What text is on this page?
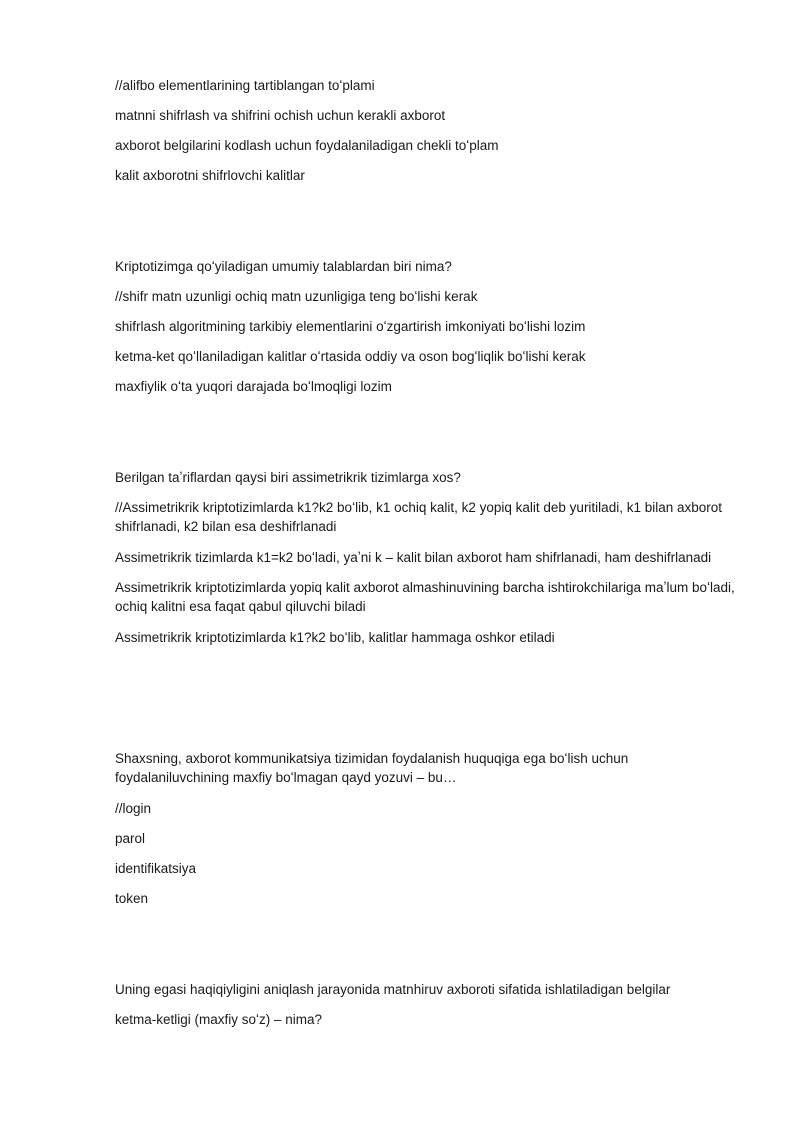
//alifbo elementlarining tartiblangan toʻplami
matnni shifrlash va shifrini ochish uchun kerakli axborot
axborot belgilarini kodlash uchun foydalaniladigan chekli toʻplam
kalit axborotni shifrlovchi kalitlar
Kriptotizimga qoʻyiladigan umumiy talablardan biri nima?
//shifr matn uzunligi ochiq matn uzunligiga teng boʻlishi kerak
shifrlash algoritmining tarkibiy elementlarini oʻzgartirish imkoniyati boʻlishi lozim
ketma-ket qoʻllaniladigan kalitlar oʻrtasida oddiy va oson bogʻliqlik boʻlishi kerak
maxfiylik oʻta yuqori darajada boʻlmoqligi lozim
Berilgan taʼriflardan qaysi biri assimetrikrik tizimlarga xos?
//Assimetrikrik kriptotizimlarda k1?k2 boʻlib, k1 ochiq kalit, k2 yopiq kalit deb yuritiladi, k1 bilan axborot shifrlanadi, k2 bilan esa deshifrlanadi
Assimetrikrik tizimlarda k1=k2 boʻladi, yaʼni k – kalit bilan axborot ham shifrlanadi, ham deshifrlanadi
Assimetrikrik kriptotizimlarda yopiq kalit axborot almashinuvining barcha ishtirokchilariga maʼlum boʻladi, ochiq kalitni esa faqat qabul qiluvchi biladi
Assimetrikrik kriptotizimlarda k1?k2 boʻlib, kalitlar hammaga oshkor etiladi
Shaxsning, axborot kommunikatsiya tizimidan foydalanish huquqiga ega boʻlish uchun foydalaniluvchining maxfiy boʻlmagan qayd yozuvi – bu…
//login
parol
identifikatsiya
token
Uning egasi haqiqiyligini aniqlash jarayonida matnhiruv axboroti sifatida ishlatiladigan belgilar
ketma-ketligi (maxfiy soʻz) – nima?
